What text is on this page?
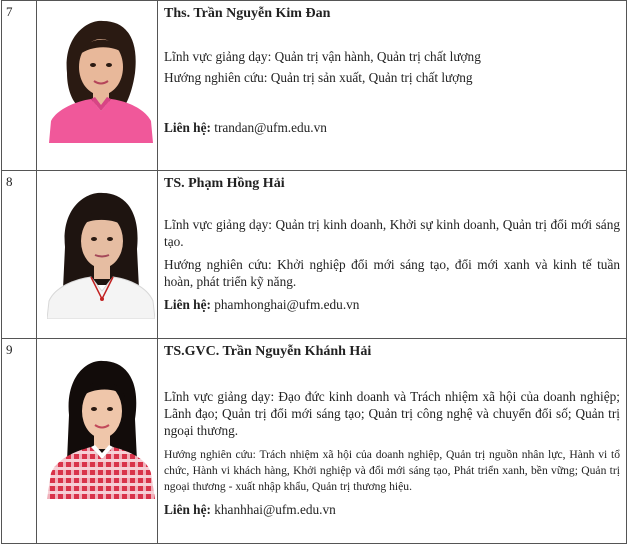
7		Ths. Trần Nguyễn Kim Đan

Lĩnh vực giảng dạy: Quản trị vận hành, Quản trị chất lượng

Hướng nghiên cứu: Quản trị sản xuất, Quản trị chất lượng

Liên hệ: trandan@ufm.edu.vn

8		TS. Phạm Hồng Hải

Lĩnh vực giảng dạy: Quản trị kinh doanh, Khởi sự kinh doanh, Quản trị đổi mới sáng tạo.

Hướng nghiên cứu: Khởi nghiệp đổi mới sáng tạo, đổi mới xanh và kinh tế tuần hoàn, phát triển kỹ năng.

Liên hệ: phamhonghai@ufm.edu.vn

9		TS.GVC. Trần Nguyễn Khánh Hải

Lĩnh vực giảng dạy: Đạo đức kinh doanh và Trách nhiệm xã hội của doanh nghiệp; Lãnh đạo; Quản trị đổi mới sáng tạo; Quản trị công nghệ và chuyển đổi số; Quản trị ngoại thương.

Hướng nghiên cứu: Trách nhiệm xã hội của doanh nghiệp, Quản trị nguồn nhân lực, Hành vi tổ chức, Hành vi khách hàng, Khởi nghiệp và đổi mới sáng tạo, Phát triển xanh, bền vững; Quản trị ngoại thương - xuất nhập khẩu, Quản trị thương hiệu.

Liên hệ: khanhhai@ufm.edu.vn
